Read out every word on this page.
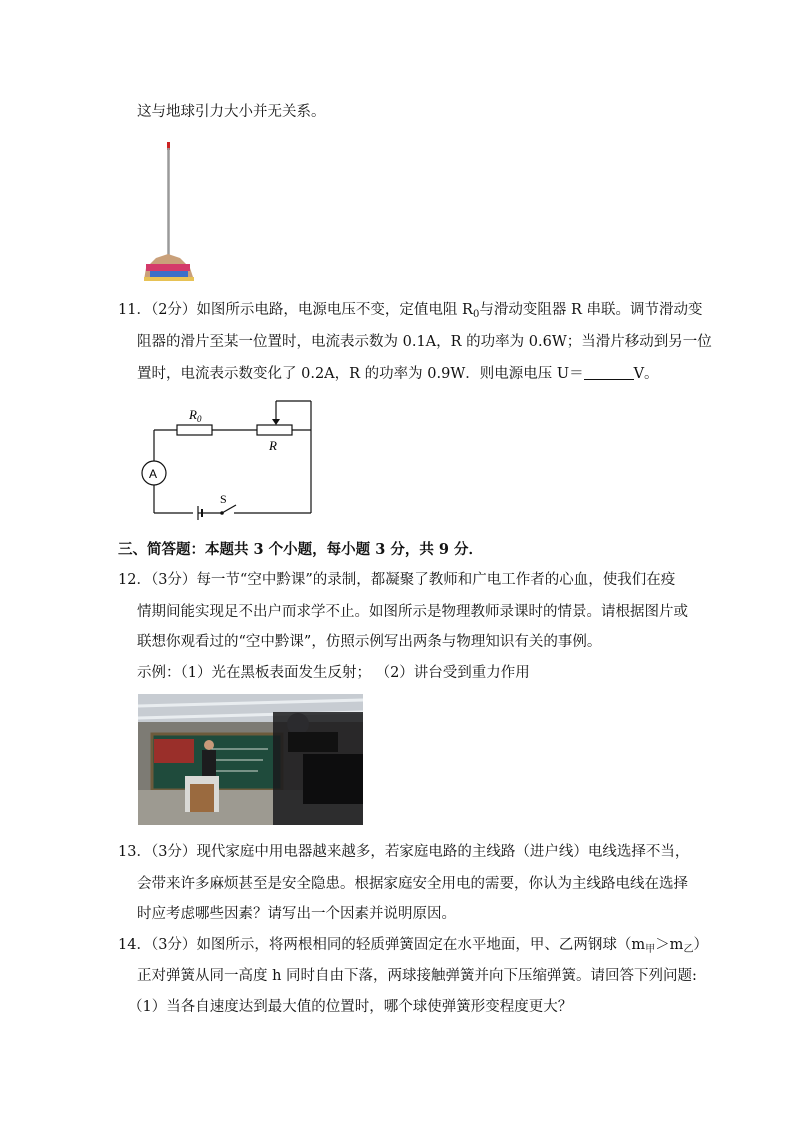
这与地球引力大小并无关系。
11．（2分）如图所示电路，电源电压不变，定值电阻 $R_0$与滑动变阻器 R 串联。调节滑动变
阻器的滑片至某一位置时，电流表示数为 0.1A，R 的功率为 0.6W；当滑片移动到另一位
置时，电流表示数变化了 0.2A，R 的功率为 0.9W．则电源电压 U＝	V。
$R_0$
R
A
S
三、简答题：本题共 3 个小题，每小题 3 分，共 9 分．
12．（3分）每一节“空中黔课”的录制，都凝聚了教师和广电工作者的心血，使我们在疫
情期间能实现足不出户而求学不止。如图所示是物理教师录课时的情景。请根据图片或
联想你观看过的“空中黔课”，仿照示例写出两条与物理知识有关的事例。
示例：（1）光在黑板表面发生反射； （2）讲台受到重力作用
13．（3分）现代家庭中用电器越来越多，若家庭电路的主线路（进户线）电线选择不当，
会带来许多麻烦甚至是安全隐患。根据家庭安全用电的需要，你认为主线路电线在选择
时应考虑哪些因素？请写出一个因素并说明原因。
14．（3分）如图所示，将两根相同的轻质弹簧固定在水平地面，甲、乙两钢球$(m_甲>m_乙)$
正对弹簧从同一高度 h 同时自由下落，两球接触弹簧并向下压缩弹簧。请回答下列问题:
（1）当各自速度达到最大值的位置时，哪个球使弹簧形变程度更大？
